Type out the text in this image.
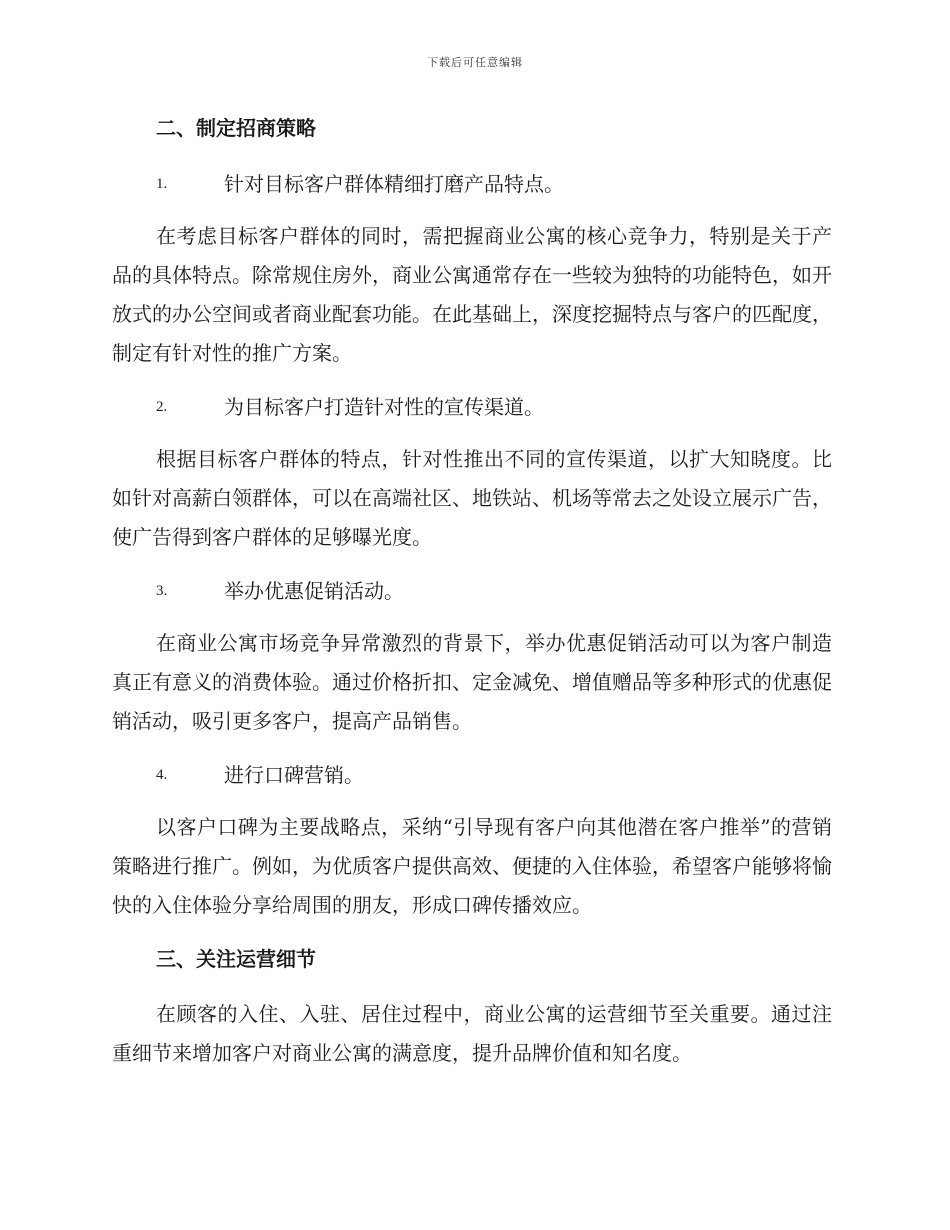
下载后可任意编辑
二、制定招商策略
1.	针对目标客户群体精细打磨产品特点。

在考虑目标客户群体的同时，需把握商业公寓的核心竞争力，特别是关于产品的具体特点。除常规住房外，商业公寓通常存在一些较为独特的功能特色，如开放式的办公空间或者商业配套功能。在此基础上，深度挖掘特点与客户的匹配度，制定有针对性的推广方案。

2.	为目标客户打造针对性的宣传渠道。

根据目标客户群体的特点，针对性推出不同的宣传渠道，以扩大知晓度。比如针对高薪白领群体，可以在高端社区、地铁站、机场等常去之处设立展示广告，使广告得到客户群体的足够曝光度。

3.	举办优惠促销活动。

在商业公寓市场竞争异常激烈的背景下，举办优惠促销活动可以为客户制造真正有意义的消费体验。通过价格折扣、定金减免、增值赠品等多种形式的优惠促销活动，吸引更多客户，提高产品销售。

4.	进行口碑营销。

以客户口碑为主要战略点，采纳“引导现有客户向其他潜在客户推举”的营销策略进行推广。例如，为优质客户提供高效、便捷的入住体验，希望客户能够将愉快的入住体验分享给周围的朋友，形成口碑传播效应。

三、关注运营细节

在顾客的入住、入驻、居住过程中，商业公寓的运营细节至关重要。通过注重细节来增加客户对商业公寓的满意度，提升品牌价值和知名度。
